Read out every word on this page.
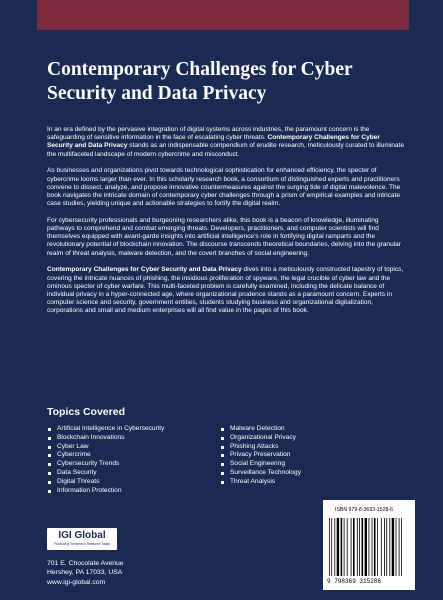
Contemporary Challenges for Cyber Security and Data Privacy

In an era defined by the pervasive integration of digital systems across industries, the paramount concern is the safeguarding of sensitive information in the face of escalating cyber threats. Contemporary Challenges for Cyber Security and Data Privacy stands as an indispensable compendium of erudite research, meticulously curated to illuminate the multifaceted landscape of modern cybercrime and misconduct.

As businesses and organizations pivot towards technological sophistication for enhanced efficiency, the specter of cybercrime looms larger than ever. In this scholarly research book, a consortium of distinguished experts and practitioners convene to dissect, analyze, and propose innovative countermeasures against the surging tide of digital malevolence. The book navigates the intricate domain of contemporary cyber challenges through a prism of empirical examples and intricate case studies, yielding unique and actionable strategies to fortify the digital realm.

For cybersecurity professionals and burgeoning researchers alike, this book is a beacon of knowledge, illuminating pathways to comprehend and combat emerging threats. Developers, practitioners, and computer scientists will find themselves equipped with avant-garde insights into artificial intelligence's role in fortifying digital ramparts and the revolutionary potential of blockchain innovation. The discourse transcends theoretical boundaries, delving into the granular realm of threat analysis, malware detection, and the covert branches of social engineering.

Contemporary Challenges for Cyber Security and Data Privacy dives into a meticulously constructed tapestry of topics, covering the intricate nuances of phishing, the insidious proliferation of spyware, the legal crucible of cyber law and the ominous specter of cyber warfare. This multi-faceted problem is carefully examined, including the delicate balance of individual privacy in a hyper-connected age, where organizational prudence stands as a paramount concern. Experts in computer science and security, government entities, students studying business and organizational digitalization, corporations and small and medium enterprises will all find value in the pages of this book.

Topics Covered
Artificial Intelligence in Cybersecurity
Blockchain Innovations
Cyber Law
Cybercrime
Cybersecurity Trends
Data Security
Digital Threats
Information Protection
Malware Detection
Organizational Privacy
Phishing Attacks
Privacy Preservation
Social Engineering
Surveillance Technology
Threat Analysis
IGI Global
Publishing Tomorrow's Research Today
701 E. Chocolate Avenue
Hershey, PA 17033, USA
www.igi-global.com
ISBN 979-8-3693-1528-6
9 798369 315286
